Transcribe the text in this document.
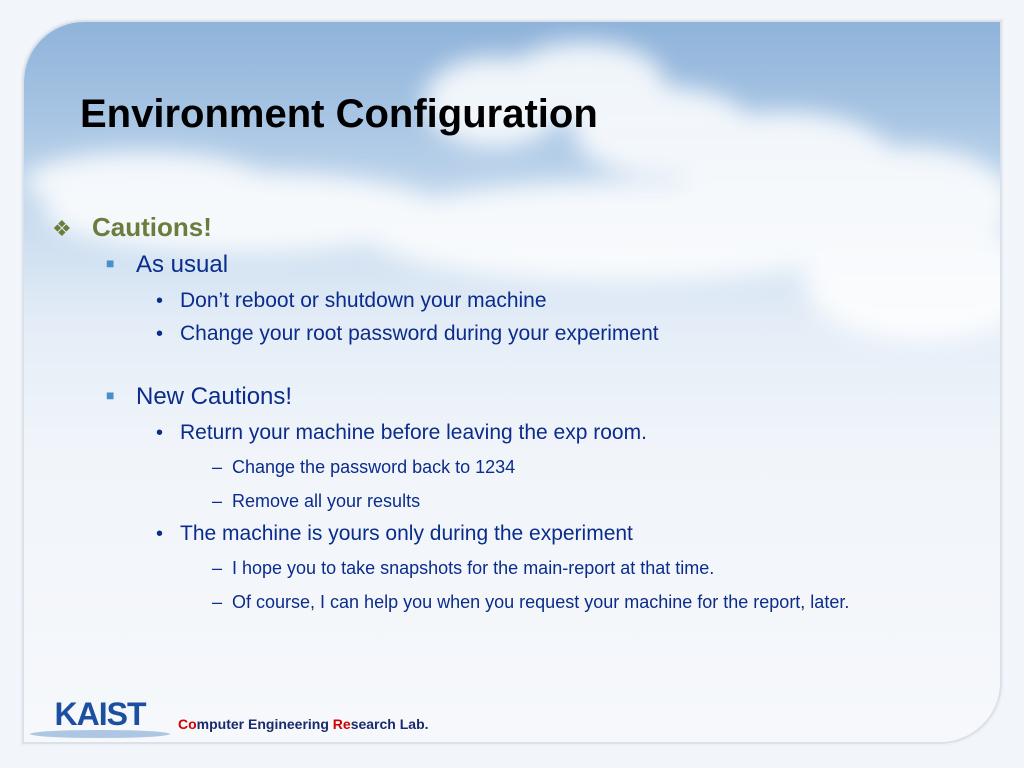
Environment Configuration
❖ Cautions!
■ As usual
• Don’t reboot or shutdown your machine
• Change your root password during your experiment
■ New Cautions!
• Return your machine before leaving the exp room.
– Change the password back to 1234
– Remove all your results
• The machine is yours only during the experiment
– I hope you to take snapshots for the main-report at that time.
– Of course, I can help you when you request your machine for the report, later.
KAIST Computer Engineering Research Lab.
